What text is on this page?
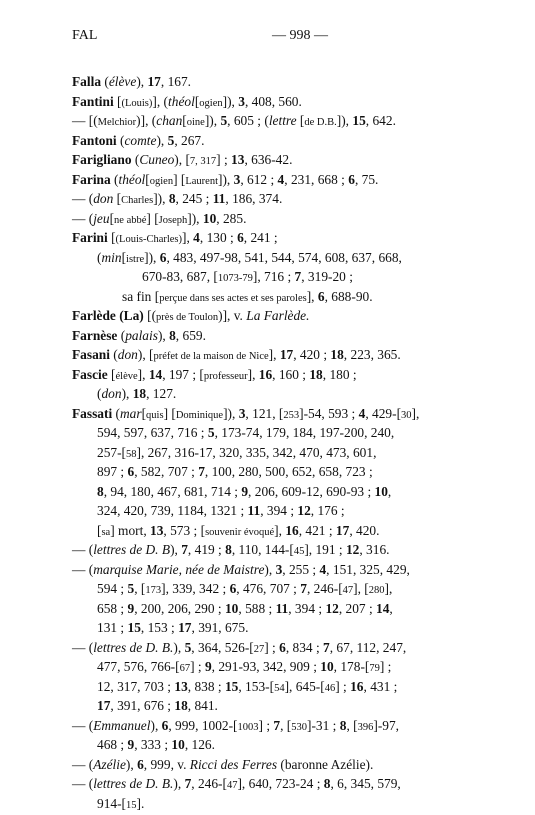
FAL	— 998 —
Falla (élève), 17, 167.
Fantini [(Louis)], (théol[ogien]), 3, 408, 560.
— [(Melchior)], (chan[oine]), 5, 605 ; (lettre [de D.B.]), 15, 642.
Fantoni (comte), 5, 267.
Farigliano (Cuneo), [7, 317] ; 13, 636-42.
Farina (théol[ogien] [Laurent]), 3, 612 ; 4, 231, 668 ; 6, 75.
— (don [Charles]), 8, 245 ; 11, 186, 374.
— (jeu[ne abbé] [Joseph]), 10, 285.
Farini [(Louis-Charles)], 4, 130 ; 6, 241 ;
(min[istre]), 6, 483, 497-98, 541, 544, 574, 608, 637, 668,
670-83, 687, [1073-79], 716 ; 7, 319-20 ;
sa fin [perçue dans ses actes et ses paroles], 6, 688-90.
Farlède (La) [(près de Toulon)], v. La Farlède.
Farnèse (palais), 8, 659.
Fasani (don), [préfet de la maison de Nice], 17, 420 ; 18, 223, 365.
Fascie [élève], 14, 197 ; [professeur], 16, 160 ; 18, 180 ;
(don), 18, 127.
Fassati (mar[quis] [Dominique]), 3, 121, [253]-54, 593 ; 4, 429-[30],
594, 597, 637, 716 ; 5, 173-74, 179, 184, 197-200, 240,
257-[58], 267, 316-17, 320, 335, 342, 470, 473, 601,
897 ; 6, 582, 707 ; 7, 100, 280, 500, 652, 658, 723 ;
8, 94, 180, 467, 681, 714 ; 9, 206, 609-12, 690-93 ; 10,
324, 420, 739, 1184, 1321 ; 11, 394 ; 12, 176 ;
[sa] mort, 13, 573 ; [souvenir évoqué], 16, 421 ; 17, 420.
— (lettres de D. B), 7, 419 ; 8, 110, 144-[45], 191 ; 12, 316.
— (marquise Marie, née de Maistre), 3, 255 ; 4, 151, 325, 429,
594 ; 5, [173], 339, 342 ; 6, 476, 707 ; 7, 246-[47], [280],
658 ; 9, 200, 206, 290 ; 10, 588 ; 11, 394 ; 12, 207 ; 14,
131 ; 15, 153 ; 17, 391, 675.
— (lettres de D. B.), 5, 364, 526-[27] ; 6, 834 ; 7, 67, 112, 247,
477, 576, 766-[67] ; 9, 291-93, 342, 909 ; 10, 178-[79] ;
12, 317, 703 ; 13, 838 ; 15, 153-[54], 645-[46] ; 16, 431 ;
17, 391, 676 ; 18, 841.
— (Emmanuel), 6, 999, 1002-[1003] ; 7, [530]-31 ; 8, [396]-97,
468 ; 9, 333 ; 10, 126.
— (Azélie), 6, 999, v. Ricci des Ferres (baronne Azélie).
— (lettres de D. B.), 7, 246-[47], 640, 723-24 ; 8, 6, 345, 579,
914-[15].
